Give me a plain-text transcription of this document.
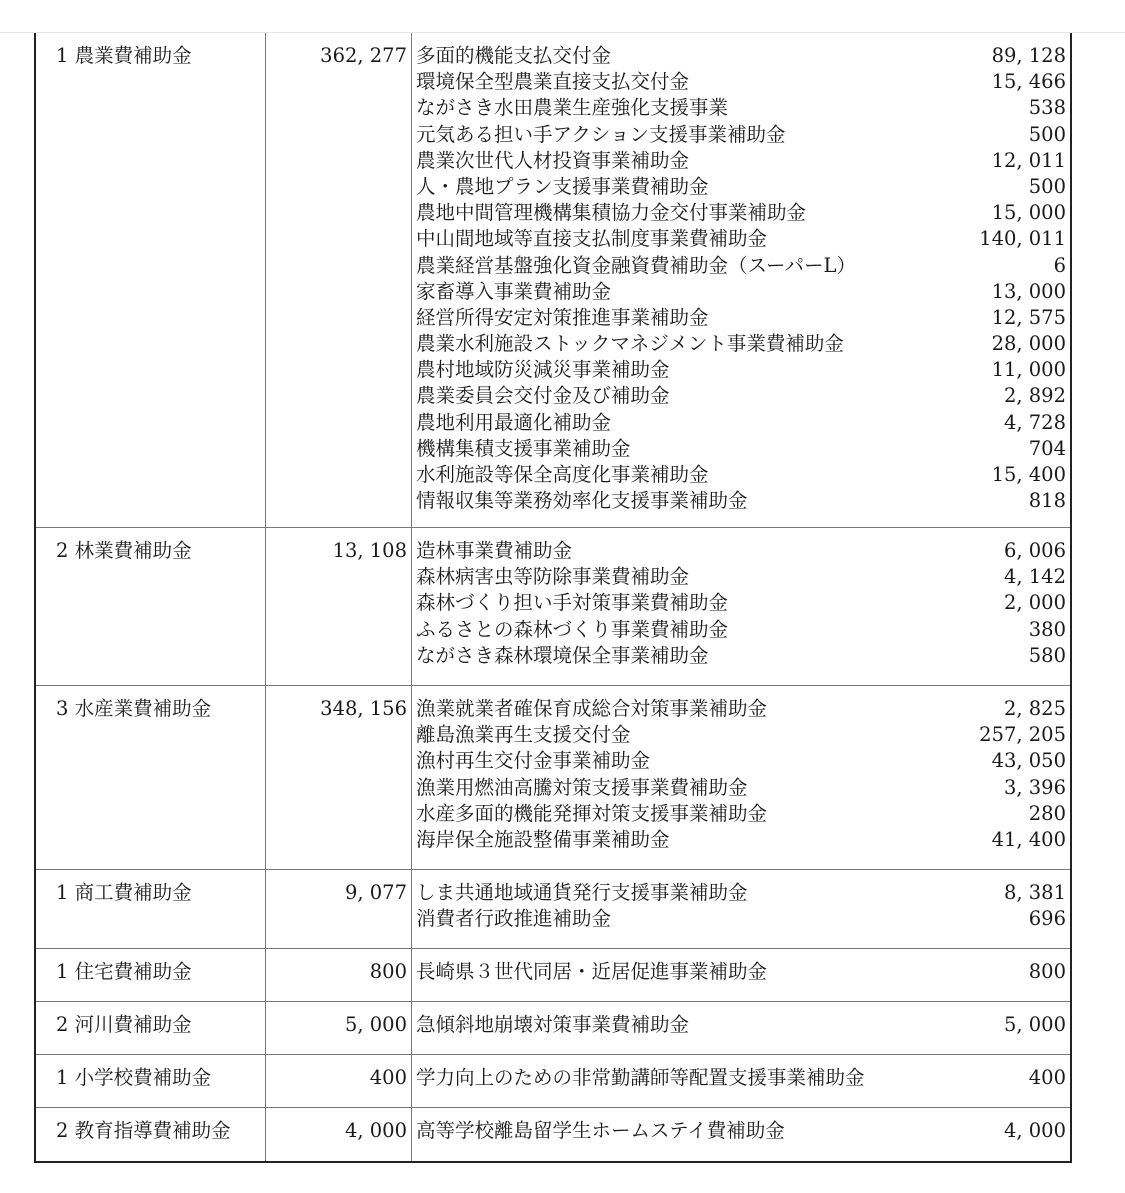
1 農業費補助金	362, 277 多面的機能支払交付金	89, 128
環境保全型農業直接支払交付金	15, 466
ながさき水田農業生産強化支援事業	538
元気ある担い手アクション支援事業補助金	500
農業次世代人材投資事業補助金	12, 011
人・農地プラン支援事業費補助金	500
農地中間管理機構集積協力金交付事業補助金	15, 000
中山間地域等直接支払制度事業費補助金	140, 011
農業経営基盤強化資金融資費補助金（スーパーL）	6
家畜導入事業費補助金	13, 000
経営所得安定対策推進事業補助金	12, 575
農業水利施設ストックマネジメント事業費補助金	28, 000
農村地域防災減災事業補助金	11, 000
農業委員会交付金及び補助金	2, 892
農地利用最適化補助金	4, 728
機構集積支援事業補助金	704
水利施設等保全高度化事業補助金	15, 400
情報収集等業務効率化支援事業補助金	818
2 林業費補助金	13, 108 造林事業費補助金	6, 006
森林病害虫等防除事業費補助金	4, 142
森林づくり担い手対策事業費補助金	2, 000
ふるさとの森林づくり事業費補助金	380
ながさき森林環境保全事業補助金	580
3 水産業費補助金	348, 156 漁業就業者確保育成総合対策事業補助金	2, 825
離島漁業再生支援交付金	257, 205
漁村再生交付金事業補助金	43, 050
漁業用燃油高騰対策支援事業費補助金	3, 396
水産多面的機能発揮対策支援事業補助金	280
海岸保全施設整備事業補助金	41, 400
1 商工費補助金	9, 077 しま共通地域通貨発行支援事業補助金	8, 381
消費者行政推進補助金	696
1 住宅費補助金	800 長崎県３世代同居・近居促進事業補助金	800
2 河川費補助金	5, 000 急傾斜地崩壊対策事業費補助金	5, 000
1 小学校費補助金	400 学力向上のための非常勤講師等配置支援事業補助金	400
2 教育指導費補助金	4, 000 高等学校離島留学生ホームステイ費補助金	4, 000
